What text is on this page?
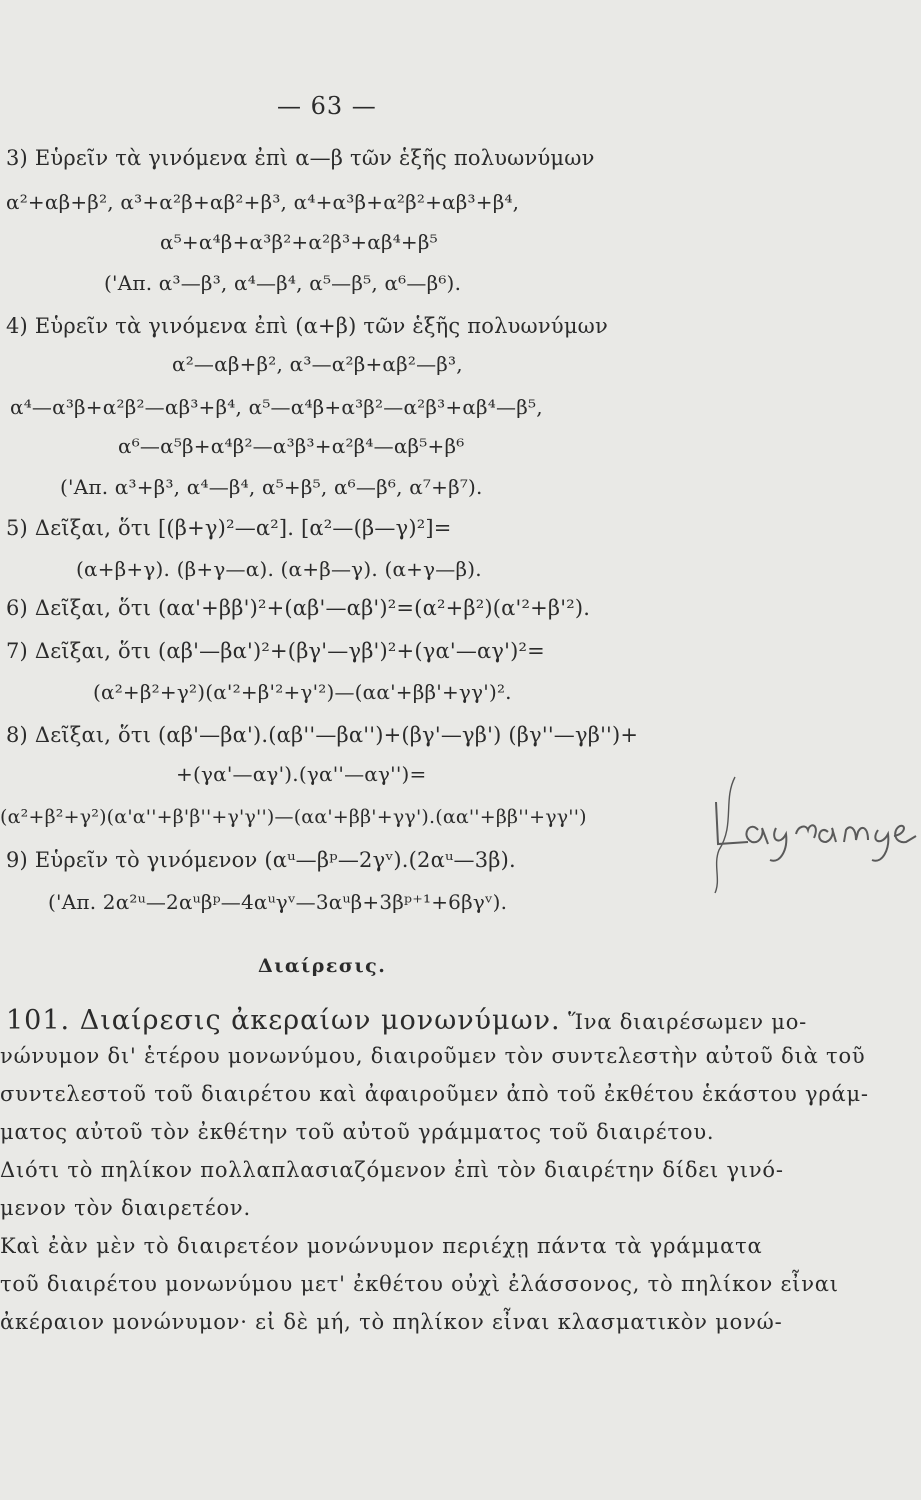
— 63 —
3) Εὑρεῖν τὰ γινόμενα ἐπὶ α—β τῶν ἑξῆς πολυωνύμων
α²+αβ+β², α³+α²β+αβ²+β³, α⁴+α³β+α²β²+αβ³+β⁴,
α⁵+α⁴β+α³β²+α²β³+αβ⁴+β⁵
('Απ. α³—β³, α⁴—β⁴, α⁵—β⁵, α⁶—β⁶).
4) Εὑρεῖν τὰ γινόμενα ἐπὶ (α+β) τῶν ἑξῆς πολυωνύμων
α²—αβ+β², α³—α²β+αβ²—β³,
α⁴—α³β+α²β²—αβ³+β⁴, α⁵—α⁴β+α³β²—α²β³+αβ⁴—β⁵,
α⁶—α⁵β+α⁴β²—α³β³+α²β⁴—αβ⁵+β⁶
('Απ. α³+β³, α⁴—β⁴, α⁵+β⁵, α⁶—β⁶, α⁷+β⁷).
5) Δεῖξαι, ὅτι [(β+γ)²—α²]. [α²—(β—γ)²]=
(α+β+γ). (β+γ—α). (α+β—γ). (α+γ—β).
6) Δεῖξαι, ὅτι (αα'+ββ')²+(αβ'—αβ')²=(α²+β²)(α'²+β'²).
7) Δεῖξαι, ὅτι (αβ'—βα')²+(βγ'—γβ')²+(γα'—αγ')²=
(α²+β²+γ²)(α'²+β'²+γ'²)—(αα'+ββ'+γγ')².
8) Δεῖξαι, ὅτι (αβ'—βα').(αβ''—βα'')+(βγ'—γβ') (βγ''—γβ'')+
+(γα'—αγ').(γα''—αγ'')=
(α²+β²+γ²)(α'α''+β'β''+γ'γ'')—(αα'+ββ'+γγ').(αα''+ββ''+γγ'')
9) Εὑρεῖν τὸ γινόμενον (αᵘ—βᵖ—2γᵛ).(2αᵘ—3β).
('Απ. 2α²ᵘ—2αᵘβᵖ—4αᵘγᵛ—3αᵘβ+3βᵖ⁺¹+6βγᵛ).
Διαίρεσις.
101. Διαίρεσις ἀκεραίων μονωνύμων. Ἵνα διαιρέσωμεν μο-
νώνυμον δι' ἑτέρου μονωνύμου, διαιροῦμεν τὸν συντελεστὴν αὐτοῦ διὰ τοῦ
συντελεστοῦ τοῦ διαιρέτου καὶ ἀφαιροῦμεν ἀπὸ τοῦ ἐκθέτου ἑκάστου γράμ-
ματος αὐτοῦ τὸν ἐκθέτην τοῦ αὐτοῦ γράμματος τοῦ διαιρέτου.
Διότι τὸ πηλίκον πολλαπλασιαζόμενον ἐπὶ τὸν διαιρέτην δίδει γινό-
μενον τὸν διαιρετέον.
Καὶ ἐὰν μὲν τὸ διαιρετέον μονώνυμον περιέχῃ πάντα τὰ γράμματα
τοῦ διαιρέτου μονωνύμου μετ' ἐκθέτου οὐχὶ ἐλάσσονος, τὸ πηλίκον εἶναι
ἀκέραιον μονώνυμον· εἰ δὲ μή, τὸ πηλίκον εἶναι κλασματικὸν μονώ-
